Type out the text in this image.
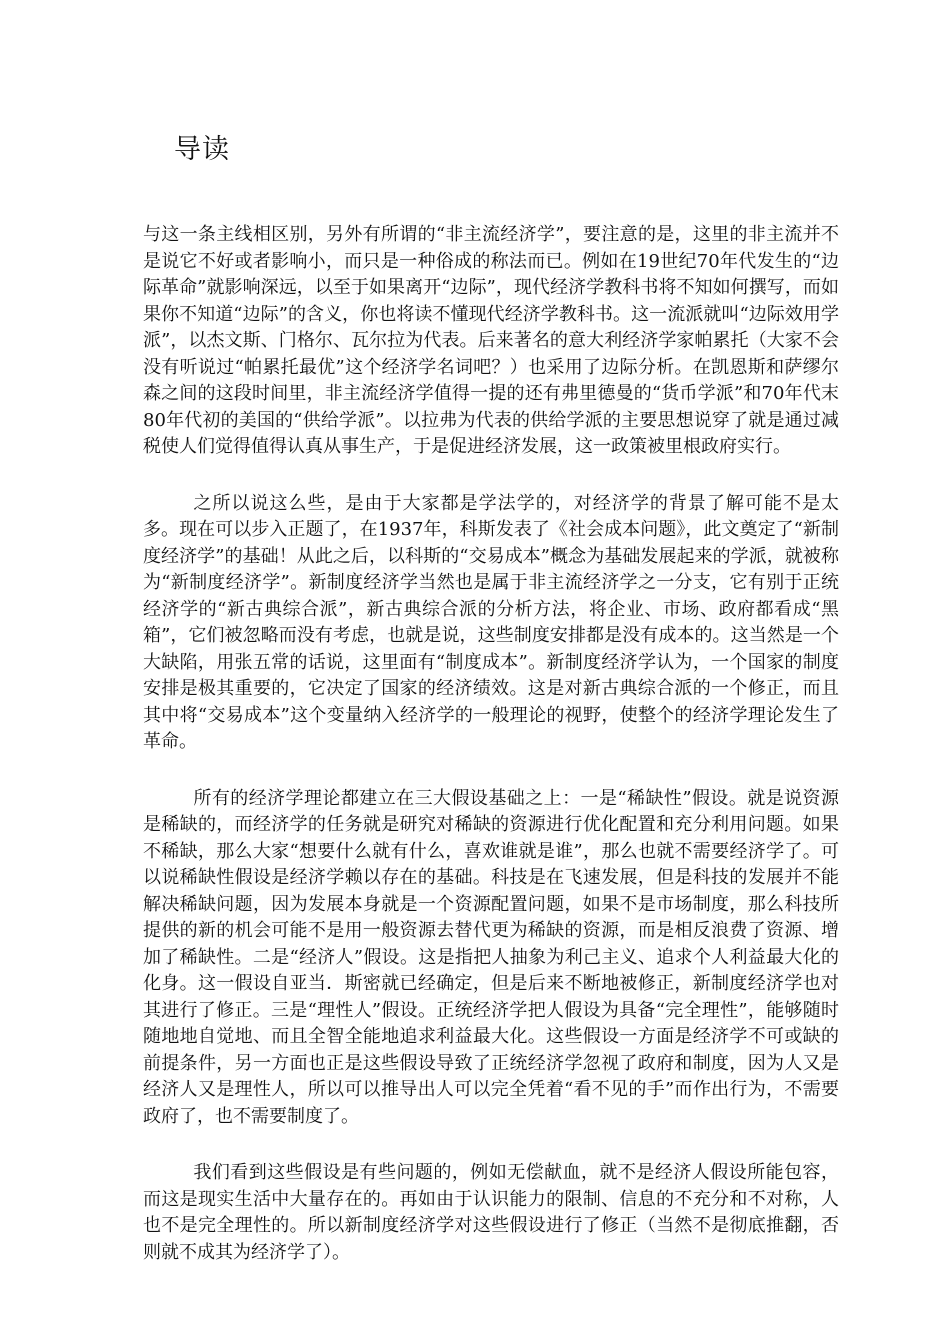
导读

与这一条主线相区别，另外有所谓的“非主流经济学”，要注意的是，这里的非主流并不是说它不好或者影响小，而只是一种俗成的称法而已。例如在19世纪70年代发生的“边际革命”就影响深远，以至于如果离开“边际”，现代经济学教科书将不知如何撰写，而如果你不知道“边际”的含义，你也将读不懂现代经济学教科书。这一流派就叫“边际效用学派”，以杰文斯、门格尔、瓦尔拉为代表。后来著名的意大利经济学家帕累托（大家不会没有听说过“帕累托最优”这个经济学名词吧？）也采用了边际分析。在凯恩斯和萨缪尔森之间的这段时间里，非主流经济学值得一提的还有弗里德曼的“货币学派”和70年代末80年代初的美国的“供给学派”。以拉弗为代表的供给学派的主要思想说穿了就是通过减税使人们觉得值得认真从事生产，于是促进经济发展，这一政策被里根政府实行。

之所以说这么些，是由于大家都是学法学的，对经济学的背景了解可能不是太多。现在可以步入正题了，在1937年，科斯发表了《社会成本问题》，此文奠定了“新制度经济学”的基础！从此之后，以科斯的“交易成本”概念为基础发展起来的学派，就被称为“新制度经济学”。新制度经济学当然也是属于非主流经济学之一分支，它有别于正统经济学的“新古典综合派”，新古典综合派的分析方法，将企业、市场、政府都看成“黑箱”，它们被忽略而没有考虑，也就是说，这些制度安排都是没有成本的。这当然是一个大缺陷，用张五常的话说，这里面有“制度成本”。新制度经济学认为，一个国家的制度安排是极其重要的，它决定了国家的经济绩效。这是对新古典综合派的一个修正，而且其中将“交易成本”这个变量纳入经济学的一般理论的视野，使整个的经济学理论发生了革命。

所有的经济学理论都建立在三大假设基础之上：一是“稀缺性”假设。就是说资源是稀缺的，而经济学的任务就是研究对稀缺的资源进行优化配置和充分利用问题。如果不稀缺，那么大家“想要什么就有什么，喜欢谁就是谁”，那么也就不需要经济学了。可以说稀缺性假设是经济学赖以存在的基础。科技是在飞速发展，但是科技的发展并不能解决稀缺问题，因为发展本身就是一个资源配置问题，如果不是市场制度，那么科技所提供的新的机会可能不是用一般资源去替代更为稀缺的资源，而是相反浪费了资源、增加了稀缺性。二是“经济人”假设。这是指把人抽象为利己主义、追求个人利益最大化的化身。这一假设自亚当．斯密就已经确定，但是后来不断地被修正，新制度经济学也对其进行了修正。三是“理性人”假设。正统经济学把人假设为具备“完全理性”，能够随时随地地自觉地、而且全智全能地追求利益最大化。这些假设一方面是经济学不可或缺的前提条件，另一方面也正是这些假设导致了正统经济学忽视了政府和制度，因为人又是经济人又是理性人，所以可以推导出人可以完全凭着“看不见的手”而作出行为，不需要政府了，也不需要制度了。

我们看到这些假设是有些问题的，例如无偿献血，就不是经济人假设所能包容，而这是现实生活中大量存在的。再如由于认识能力的限制、信息的不充分和不对称，人也不是完全理性的。所以新制度经济学对这些假设进行了修正（当然不是彻底推翻，否则就不成其为经济学了）。
